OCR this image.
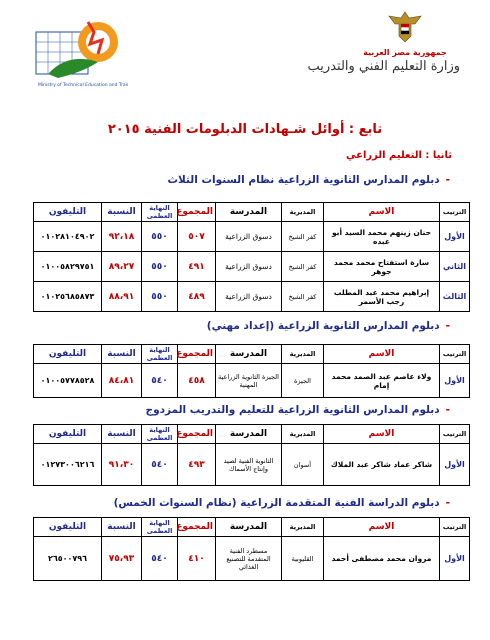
Ministry of Technical Education and Training
جمهورية مصر العربية
وزارة التعليم الفني والتدريب
تابع : أوائل شـهادات الدبلومات الفنية ٢٠١٥
ثانيا : التعليم الزراعي
-دبلوم المدارس الثانوية الزراعية نظام السنوات الثلاث
الترتيب	الاسم	المديرية	المدرسة	المجموع	النهاية العظمى	النسبة	التليفون
الأول	حنان زينهم محمد السيد أبو عبده	كفر الشيخ	دسوق الزراعية	٥٠٧	٥٥٠	٩٢،١٨	٠١٠٢٨١٠٤٩٠٢
الثاني	سارة استفتاح محمد محمد جوهر	كفر الشيخ	دسوق الزراعية	٤٩١	٥٥٠	٨٩،٢٧	٠١٠٠٥٨٢٩٧٥١
الثالث	إبراهيم محمد عبد المطلب رجب الأسمر	كفر الشيخ	دسوق الزراعية	٤٨٩	٥٥٠	٨٨،٩١	٠١٠٢٥٦٨٥٨٧٣
-دبلوم المدارس الثانوية الزراعية (إعداد مهني)
الترتيب	الاسم	المديرية	المدرسة	المجموع	النهاية العظمى	النسبة	التليفون
الأول	ولاء عاصم عبد الصمد محمد إمام	الجيزة	الجيزة الثانوية الزراعية المهنية	٤٥٨	٥٤٠	٨٤،٨١	٠١٠٠٥٧٧٨٥٢٨
-دبلوم المدارس الثانوية الزراعية للتعليم والتدريب المزدوج
الترتيب	الاسم	المديرية	المدرسة	المجموع	النهاية العظمى	النسبة	التليفون
الأول	شاكر عماد شاكر عبد الملاك	أسوان	الثانوية الفنية لصيد وإنتاج الأسماك	٤٩٣	٥٤٠	٩١،٣٠	٠١٢٧٣٠٠٦٢١٦
-دبلوم الدراسة الفنية المتقدمة الزراعية (نظام السنوات الخمس)
الترتيب	الاسم	المديرية	المدرسة	المجموع	النهاية العظمى	النسبة	التليفون
الأول	مروان محمد مصطفى أحمد	القليوبية	مسطرد الفنية المتقدمة للتصنيع الغذائي	٤١٠	٥٤٠	٧٥،٩٣	٢٦٥٠٠٧٩٦
